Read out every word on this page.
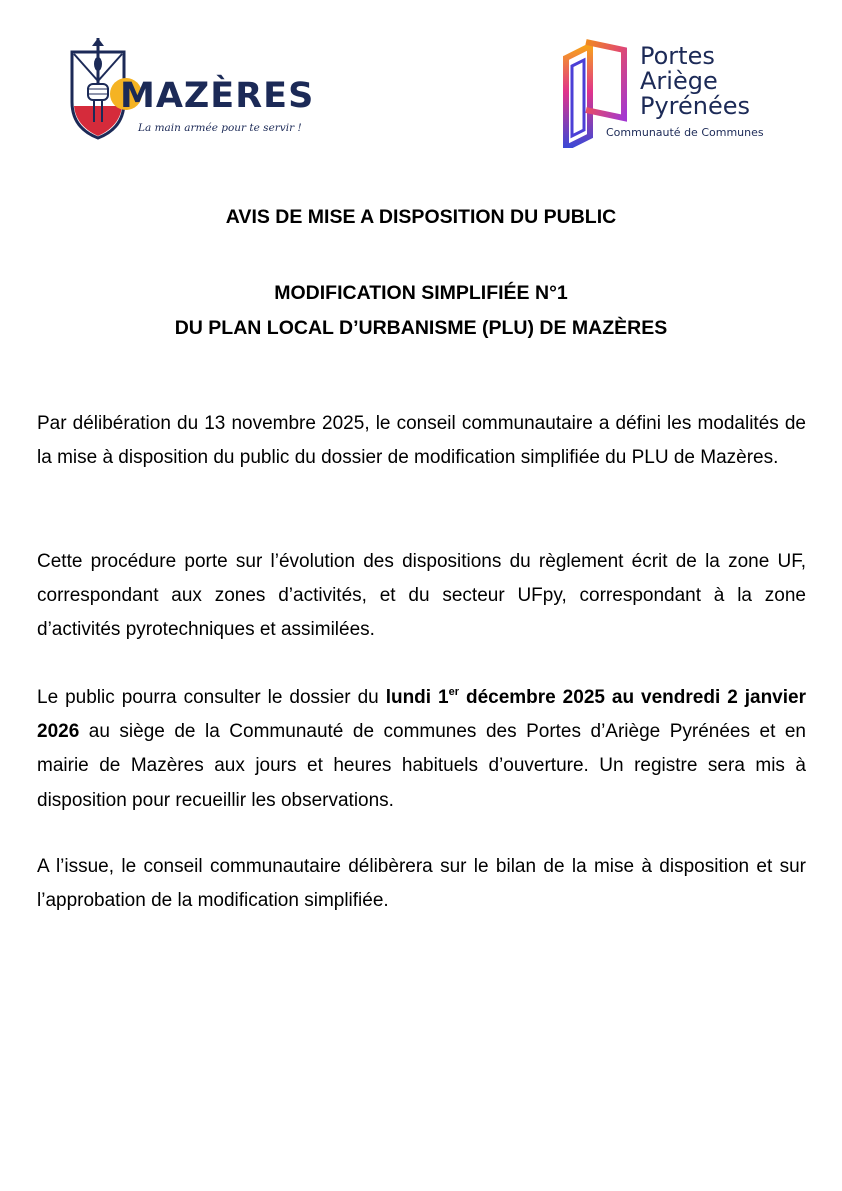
MAZÈRES
La main armée pour te servir !
Portes
Ariège
Pyrénées
Communauté de Communes
AVIS DE MISE A DISPOSITION DU PUBLIC
MODIFICATION SIMPLIFIÉE N°1
DU PLAN LOCAL D’URBANISME (PLU) DE MAZÈRES

Par délibération du 13 novembre 2025, le conseil communautaire a défini les modalités de la mise à disposition du public du dossier de modification simplifiée du PLU de Mazères.

Cette procédure porte sur l’évolution des dispositions du règlement écrit de la zone UF, correspondant aux zones d’activités, et du secteur UFpy, correspondant à la zone d’activités pyrotechniques et assimilées.

Le public pourra consulter le dossier du lundi 1er décembre 2025 au vendredi 2 janvier 2026 au siège de la Communauté de communes des Portes d’Ariège Pyrénées et en mairie de Mazères aux jours et heures habituels d’ouverture. Un registre sera mis à disposition pour recueillir les observations.

A l’issue, le conseil communautaire délibèrera sur le bilan de la mise à disposition et sur l’approbation de la modification simplifiée.
